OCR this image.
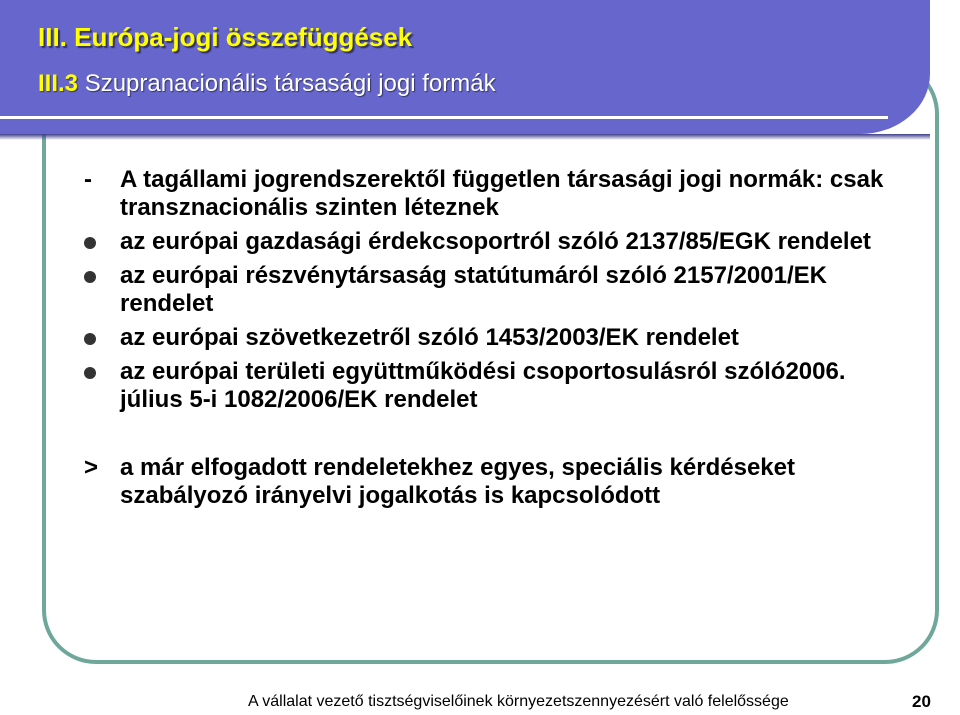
III. Európa-jogi összefüggések
III.3 Szupranacionális társasági jogi formák

- A tagállami jogrendszerektől független társasági jogi normák: csak transznacionális szinten léteznek

az európai gazdasági érdekcsoportról szóló 2137/85/EGK rendelet
az európai részvénytársaság statútumáról szóló 2157/2001/EK rendelet
az európai szövetkezetről szóló 1453/2003/EK rendelet
az európai területi együttműködési csoportosulásról szóló2006. július 5-i 1082/2006/EK rendelet

> a már elfogadott rendeletekhez egyes, speciális kérdéseket szabályozó irányelvi jogalkotás is kapcsolódott

A vállalat vezető tisztségviselőinek környezetszennyezésért való felelőssége	20
